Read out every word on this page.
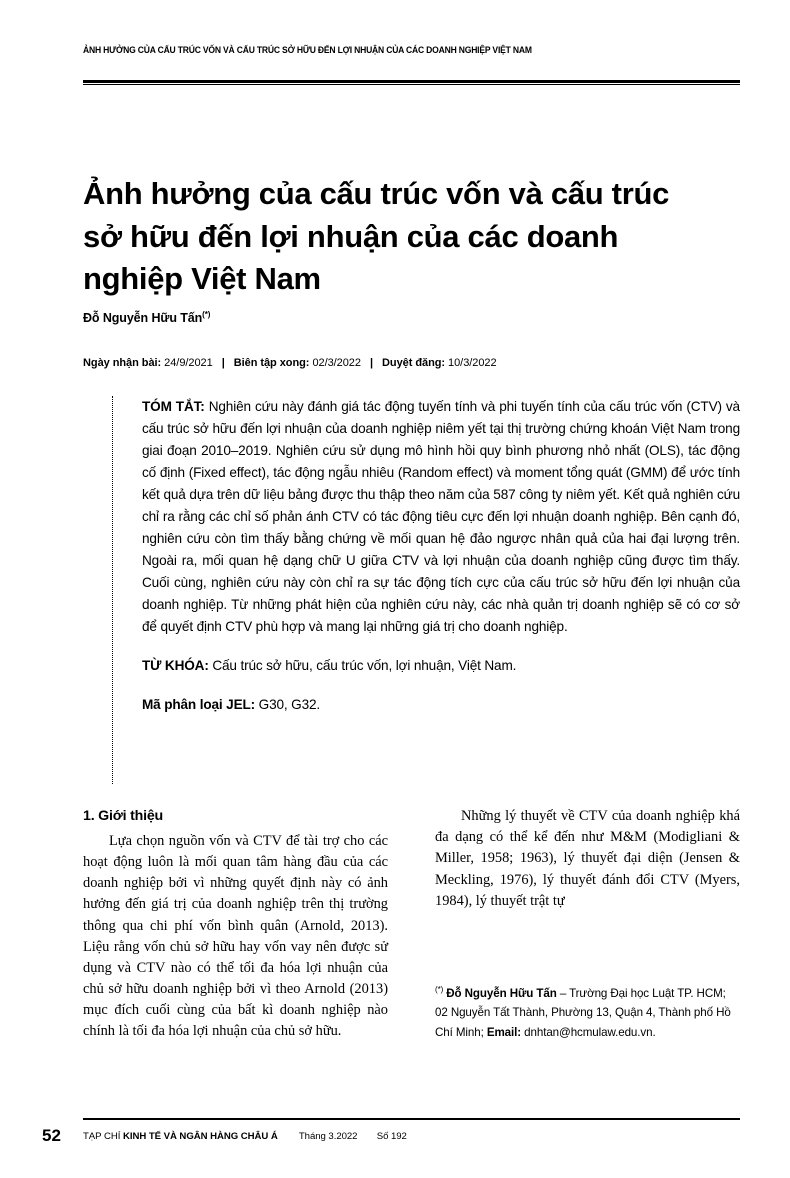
ẢNH HƯỞNG CỦA CẤU TRÚC VỐN VÀ CẤU TRÚC SỞ HỮU ĐẾN LỢI NHUẬN CỦA CÁC DOANH NGHIỆP VIỆT NAM
Ảnh hưởng của cấu trúc vốn và cấu trúc sở hữu đến lợi nhuận của các doanh nghiệp Việt Nam
Đỗ Nguyễn Hữu Tấn(*)
Ngày nhận bài: 24/9/2021 | Biên tập xong: 02/3/2022 | Duyệt đăng: 10/3/2022

TÓM TẮT: Nghiên cứu này đánh giá tác động tuyến tính và phi tuyến tính của cấu trúc vốn (CTV) và cấu trúc sở hữu đến lợi nhuận của doanh nghiệp niêm yết tại thị trường chứng khoán Việt Nam trong giai đoạn 2010–2019. Nghiên cứu sử dụng mô hình hồi quy bình phương nhỏ nhất (OLS), tác động cố định (Fixed effect), tác động ngẫu nhiêu (Random effect) và moment tổng quát (GMM) để ước tính kết quả dựa trên dữ liệu bảng được thu thập theo năm của 587 công ty niêm yết. Kết quả nghiên cứu chỉ ra rằng các chỉ số phản ánh CTV có tác động tiêu cực đến lợi nhuận doanh nghiệp. Bên cạnh đó, nghiên cứu còn tìm thấy bằng chứng về mối quan hệ đảo ngược nhân quả của hai đại lượng trên. Ngoài ra, mối quan hệ dạng chữ U giữa CTV và lợi nhuận của doanh nghiệp cũng được tìm thấy. Cuối cùng, nghiên cứu này còn chỉ ra sự tác động tích cực của cấu trúc sở hữu đến lợi nhuận của doanh nghiệp. Từ những phát hiện của nghiên cứu này, các nhà quản trị doanh nghiệp sẽ có cơ sở để quyết định CTV phù hợp và mang lại những giá trị cho doanh nghiệp.

TỪ KHÓA: Cấu trúc sở hữu, cấu trúc vốn, lợi nhuận, Việt Nam.

Mã phân loại JEL: G30, G32.

1. Giới thiệu

Lựa chọn nguồn vốn và CTV để tài trợ cho các hoạt động luôn là mối quan tâm hàng đầu của các doanh nghiệp bởi vì những quyết định này có ảnh hưởng đến giá trị của doanh nghiệp trên thị trường thông qua chi phí vốn bình quân (Arnold, 2013). Liệu rằng vốn chủ sở hữu hay vốn vay nên được sử dụng và CTV nào có thể tối đa hóa lợi nhuận của chủ sở hữu doanh nghiệp bởi vì theo Arnold (2013) mục đích cuối cùng của bất kì doanh nghiệp nào chính là tối đa hóa lợi nhuận của chủ sở hữu.

Những lý thuyết về CTV của doanh nghiệp khá đa dạng có thể kể đến như M&M (Modigliani & Miller, 1958; 1963), lý thuyết đại diện (Jensen & Meckling, 1976), lý thuyết đánh đổi CTV (Myers, 1984), lý thuyết trật tự

(*) Đỗ Nguyễn Hữu Tấn – Trường Đại học Luật TP. HCM; 02 Nguyễn Tất Thành, Phường 13, Quận 4, Thành phố Hồ Chí Minh; Email: dnhtan@hcmulaw.edu.vn.
52 TẠP CHÍ KINH TẾ VÀ NGÂN HÀNG CHÂU Á Tháng 3.2022 Số 192
